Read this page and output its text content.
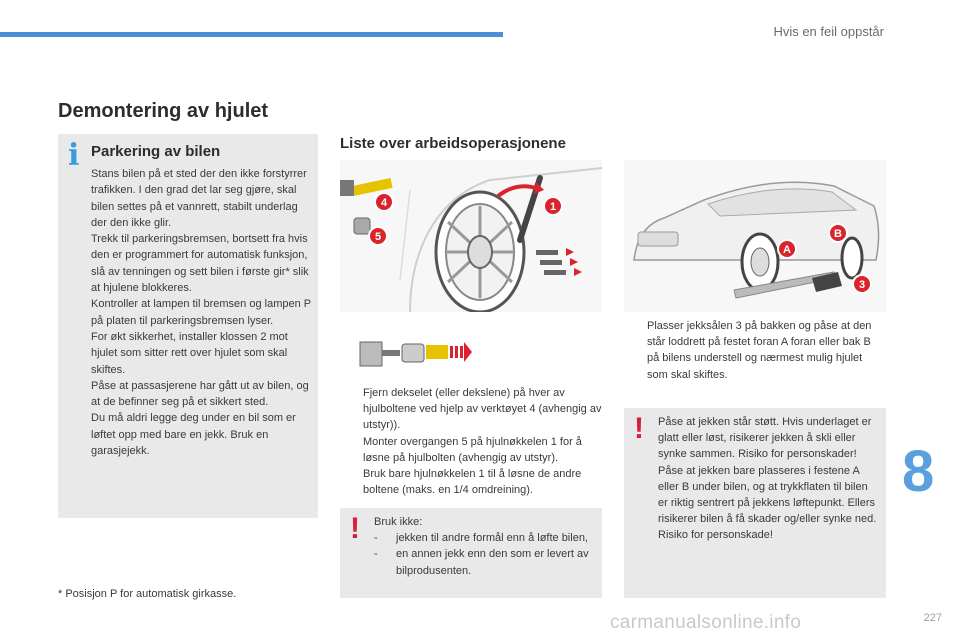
Hvis en feil oppstår
Demontering av hjulet
i Parkering av bilen

Stans bilen på et sted der den ikke forstyrrer trafikken. I den grad det lar seg gjøre, skal bilen settes på et vannrett, stabilt underlag der den ikke glir.

Trekk til parkeringsbremsen, bortsett fra hvis den er programmert for automatisk funksjon, slå av tenningen og sett bilen i første gir* slik at hjulene blokkeres.

Kontroller at lampen til bremsen og lampen P på platen til parkeringsbremsen lyser.

For økt sikkerhet, installer klossen 2 mot hjulet som sitter rett over hjulet som skal skiftes.

Påse at passasjerene har gått ut av bilen, og at de befinner seg på et sikkert sted.

Du må aldri legge deg under en bil som er løftet opp med bare en jekk. Bruk en garasjejekk.

* Posisjon P for automatisk girkasse.
Liste over arbeidsoperasjonene
1
4
5
Fjern dekselet (eller dekslene) på hver av hjulboltene ved hjelp av verktøyet 4 (avhengig av utstyr)).
Monter overgangen 5 på hjulnøkkelen 1 for å løsne på hjulbolten (avhengig av utstyr).
Bruk bare hjulnøkkelen 1 til å løsne de andre boltene (maks. en 1/4 omdreining).
! Bruk ikke:

- jekken til andre formål enn å løfte bilen,

- en annen jekk enn den som er levert av bilprodusenten.

A
B
3
Plasser jekksålen 3 på bakken og påse at den står loddrett på festet foran A foran eller bak B på bilens understell og nærmest mulig hjulet som skal skiftes.
! Påse at jekken står støtt. Hvis underlaget er glatt eller løst, risikerer jekken å skli eller synke sammen. Risiko for personskader!

Påse at jekken bare plasseres i festene A eller B under bilen, og at trykkflaten til bilen er riktig sentrert på jekkens løftepunkt. Ellers risikerer bilen å få skader og/eller synke ned. Risiko for personskade!

8
carmanualsonline.info	227
